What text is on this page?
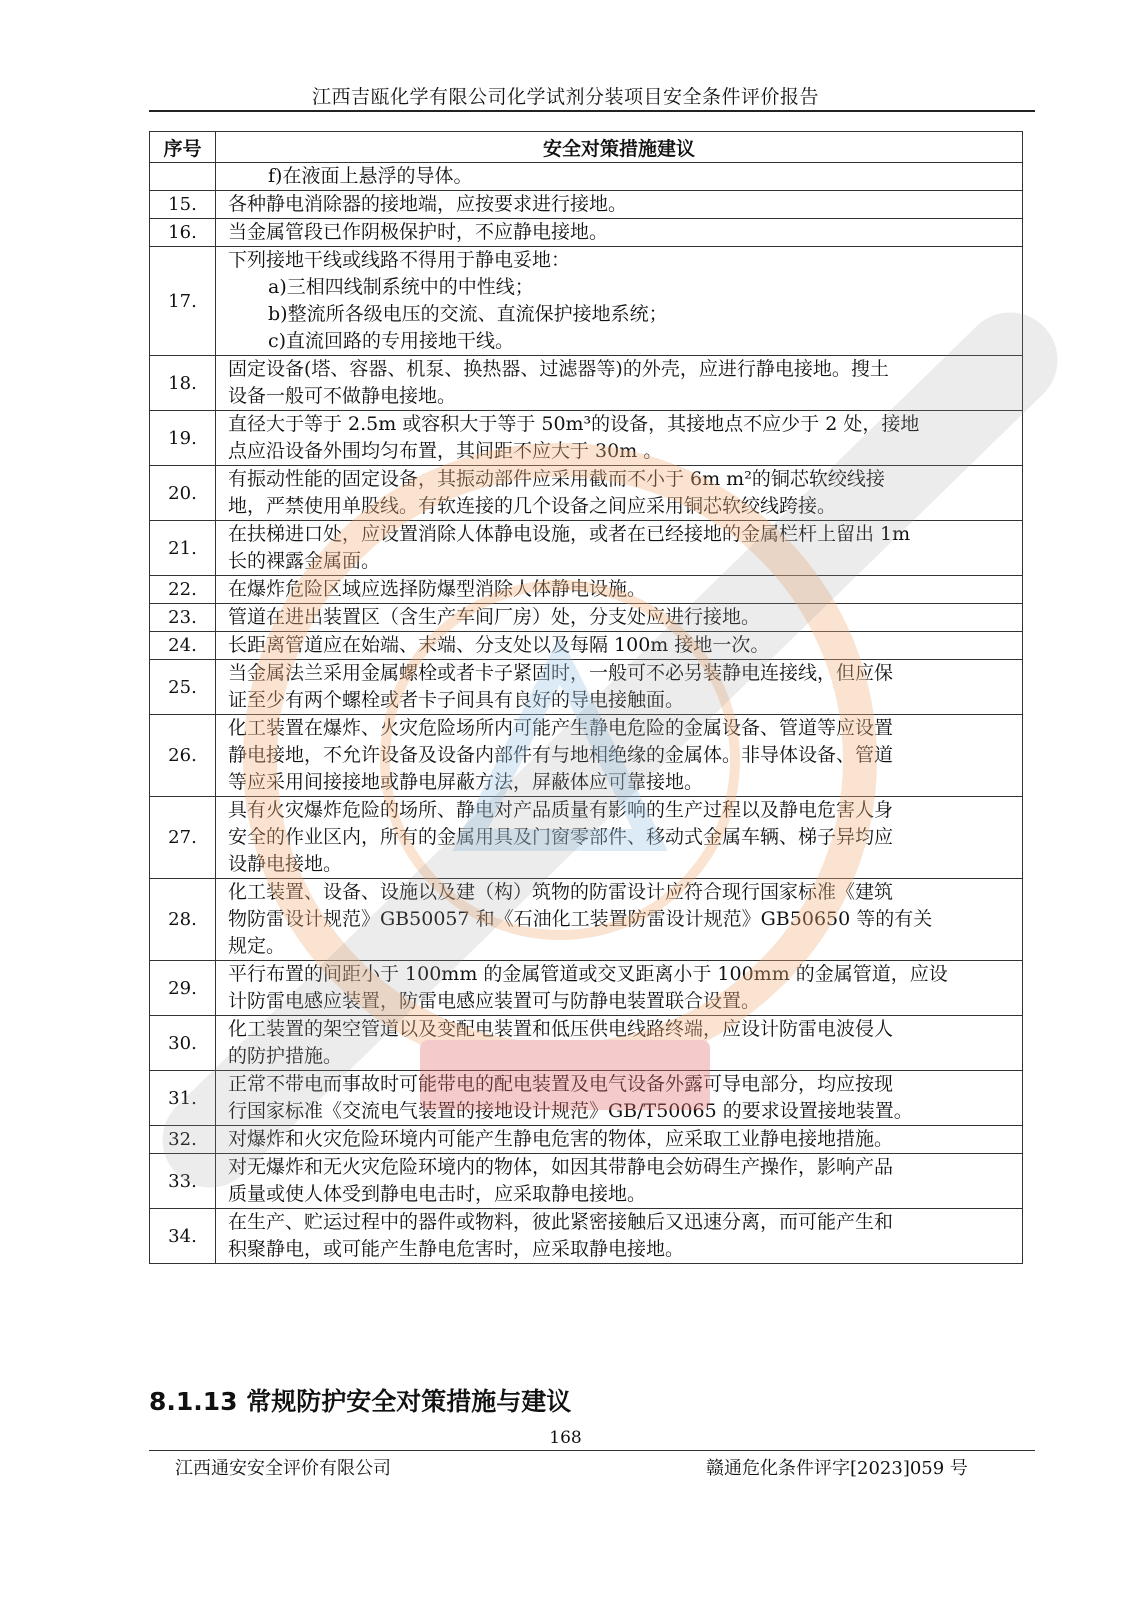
江西吉瓯化学有限公司化学试剂分装项目安全条件评价报告
序号	安全对策措施建议

	f)在液面上悬浮的导体。

15.	各种静电消除器的接地端，应按要求进行接地。

16.	当金属管段已作阴极保护时，不应静电接地。

17.	下列接地干线或线路不得用于静电妥地：
a)三相四线制系统中的中性线；
b)整流所各级电压的交流、直流保护接地系统；
c)直流回路的专用接地干线。

18.	固定设备(塔、容器、机泵、换热器、过滤器等)的外壳，应进行静电接地。搜土
设备一般可不做静电接地。

19.	直径大于等于 2.5m 或容积大于等于 50m³的设备，其接地点不应少于 2 处，接地
点应沿设备外围均匀布置，其间距不应大于 30m 。

20.	有振动性能的固定设备，其振动部件应采用截而不小于 6m m²的铜芯软绞线接
地，严禁使用单股线。有软连接的几个设备之间应采用铜芯软绞线跨接。

21.	在扶梯进口处，应设置消除人体静电设施，或者在已经接地的金属栏杆上留出 1m
长的裸露金属面。

22.	在爆炸危险区域应选择防爆型消除人体静电设施。

23.	管道在进出装置区（含生产车间厂房）处，分支处应进行接地。

24.	长距离管道应在始端、末端、分支处以及每隔 100m 接地一次。

25.	当金属法兰采用金属螺栓或者卡子紧固时，一般可不必另装静电连接线，但应保
证至少有两个螺栓或者卡子间具有良好的导电接触面。

26.	化工装置在爆炸、火灾危险场所内可能产生静电危险的金属设备、管道等应设置
静电接地，不允许设备及设备内部件有与地相绝缘的金属体。非导体设备、管道
等应采用间接接地或静电屏蔽方法，屏蔽体应可靠接地。

27.	具有火灾爆炸危险的场所、静电对产品质量有影响的生产过程以及静电危害人身
安全的作业区内，所有的金属用具及门窗零部件、移动式金属车辆、梯子异均应
设静电接地。

28.	化工装置、设备、设施以及建（构）筑物的防雷设计应符合现行国家标准《建筑
物防雷设计规范》GB50057 和《石油化工装置防雷设计规范》GB50650 等的有关
规定。

29.	平行布置的间距小于 100mm 的金属管道或交叉距离小于 100mm 的金属管道，应设
计防雷电感应装置，防雷电感应装置可与防静电装置联合设置。

30.	化工装置的架空管道以及变配电装置和低压供电线路终端，应设计防雷电波侵人
的防护措施。

31.	正常不带电而事故时可能带电的配电装置及电气设备外露可导电部分，均应按现
行国家标准《交流电气装置的接地设计规范》GB/T50065 的要求设置接地装置。

32.	对爆炸和火灾危险环境内可能产生静电危害的物体，应采取工业静电接地措施。

33.	对无爆炸和无火灾危险环境内的物体，如因其带静电会妨碍生产操作，影响产品
质量或使人体受到静电电击时，应采取静电接地。

34.	在生产、贮运过程中的器件或物料，彼此紧密接触后又迅速分离，而可能产生和
积聚静电，或可能产生静电危害时，应采取静电接地。
8.1.13 常规防护安全对策措施与建议
168
江西通安安全评价有限公司	赣通危化条件评字[2023]059 号
